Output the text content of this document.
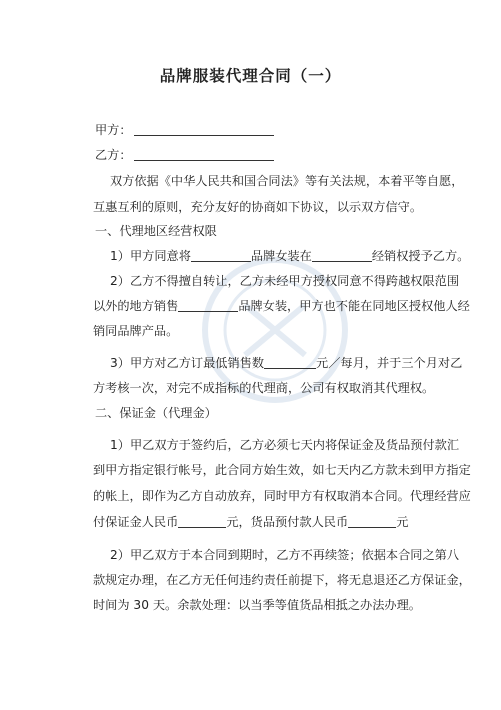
品牌服装代理合同（一）
甲方：
乙方：
双方依据《中华人民共和国合同法》等有关法规，本着平等自愿，
互惠互利的原则，充分友好的协商如下协议，以示双方信守。
一、代理地区经营权限
1）甲方同意将	品牌女装在	经销权授予乙方。
2）乙方不得擅自转让，乙方未经甲方授权同意不得跨越权限范围
以外的地方销售	品牌女装，甲方也不能在同地区授权他人经
销同品牌产品。
3）甲方对乙方订最低销售数	元／每月，并于三个月对乙
方考核一次，对完不成指标的代理商，公司有权取消其代理权。
二、保证金（代理金）
1）甲乙双方于签约后，乙方必须七天内将保证金及货品预付款汇
到甲方指定银行帐号，此合同方始生效，如七天内乙方款未到甲方指定
的帐上，即作为乙方自动放弃，同时甲方有权取消本合同。代理经营应
付保证金人民币	元，货品预付款人民币	元
2）甲乙双方于本合同到期时，乙方不再续签；依据本合同之第八
款规定办理，在乙方无任何违约责任前提下，将无息退还乙方保证金，
时间为 30 天。余款处理：以当季等值货品相抵之办法办理。
